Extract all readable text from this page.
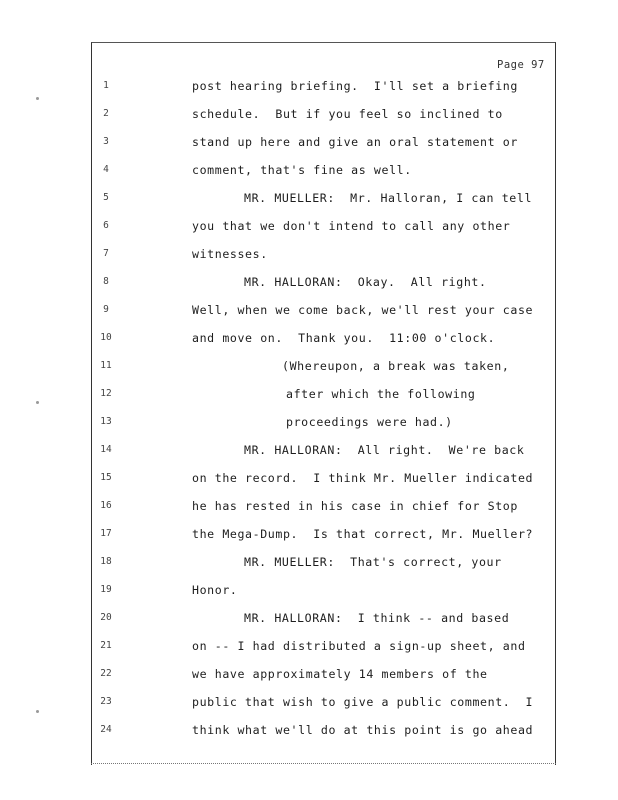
Page 97
1	post hearing briefing.  I'll set a briefing
2	schedule.  But if you feel so inclined to
3	stand up here and give an oral statement or
4	comment, that's fine as well.
5	MR. MUELLER:  Mr. Halloran, I can tell
6	you that we don't intend to call any other
7	witnesses.
8	MR. HALLORAN:  Okay.  All right.
9	Well, when we come back, we'll rest your case
10	and move on.  Thank you.  11:00 o'clock.
11	(Whereupon, a break was taken,
12	after which the following
13	proceedings were had.)
14	MR. HALLORAN:  All right.  We're back
15	on the record.  I think Mr. Mueller indicated
16	he has rested in his case in chief for Stop
17	the Mega-Dump.  Is that correct, Mr. Mueller?
18	MR. MUELLER:  That's correct, your
19	Honor.
20	MR. HALLORAN:  I think -- and based
21	on -- I had distributed a sign-up sheet, and
22	we have approximately 14 members of the
23	public that wish to give a public comment.  I
24	think what we'll do at this point is go ahead
